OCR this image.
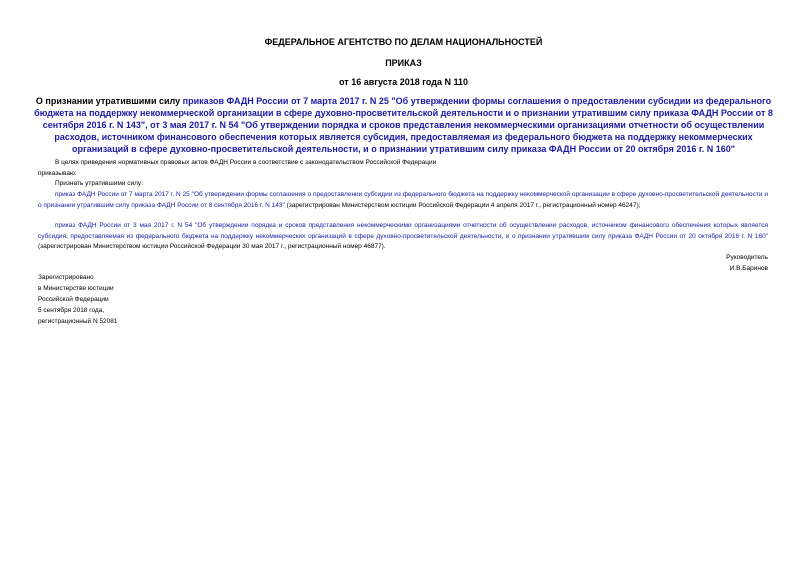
ФЕДЕРАЛЬНОЕ АГЕНТСТВО ПО ДЕЛАМ НАЦИОНАЛЬНОСТЕЙ
ПРИКАЗ
от 16 августа 2018 года N 110
О признании утратившими силу приказов ФАДН России от 7 марта 2017 г. N 25 "Об утверждении формы соглашения о предоставлении субсидии из федерального бюджета на поддержку некоммерческой организации в сфере духовно-просветительской деятельности и о признании утратившим силу приказа ФАДН России от 8 сентября 2016 г. N 143", от 3 мая 2017 г. N 54 "Об утверждении порядка и сроков представления некоммерческими организациями отчетности об осуществлении расходов, источником финансового обеспечения которых является субсидия, предоставляемая из федерального бюджета на поддержку некоммерческих организаций в сфере духовно-просветительской деятельности, и о признании утратившим силу приказа ФАДН России от 20 октября 2016 г. N 160"
В целях приведения нормативных правовых актов ФАДН России в соответствие с законодательством Российской Федерации
приказываю:
Признать утратившими силу:
приказ ФАДН России от 7 марта 2017 г. N 25 "Об утверждении формы соглашения о предоставлении субсидии из федерального бюджета на поддержку некоммерческой организации в сфере духовно-просветительской деятельности и о признании утратившим силу приказа ФАДН России от 8 сентября 2016 г. N 143" (зарегистрирован Министерством юстиции Российской Федерации 4 апреля 2017 г., регистрационный номер 46247);
приказ ФАДН России от 3 мая 2017 г. N 54 "Об утверждении порядка и сроков представления некоммерческими организациями отчетности об осуществлении расходов, источником финансового обеспечения которых является субсидия, предоставляемая из федерального бюджета на поддержку некоммерческих организаций в сфере духовно-просветительской деятельности, и о признании утратившим силу приказа ФАДН России от 20 октября 2016 г. N 160" (зарегистрирован Министерством юстиции Российской Федерации 30 мая 2017 г., регистрационный номер 46877).
Руководитель
И.В.Баринов
Зарегистрировано
в Министерстве юстиции
Российской Федерации
5 сентября 2018 года,
регистрационный N 52081
